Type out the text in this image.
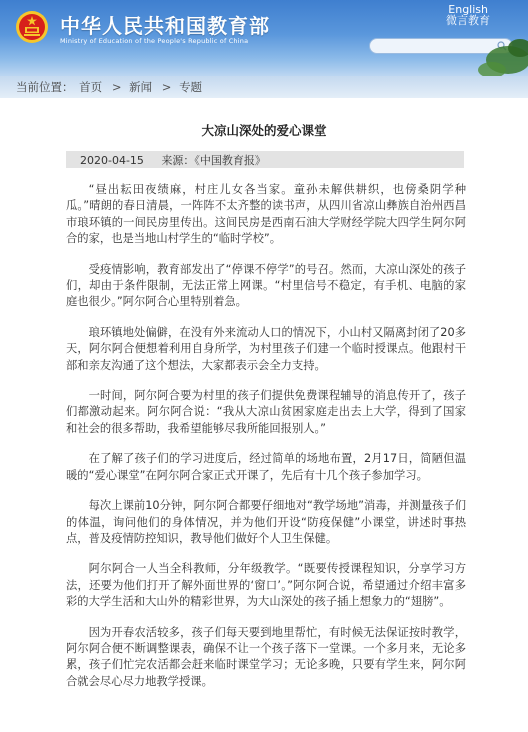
中华人民共和国教育部
Ministry of Education of the People's Republic of China
English
微言教育
当前位置： 首页 > 新闻 > 专题
大凉山深处的爱心课堂
2020-04-15 来源：《中国教育报》

“昼出耘田夜绩麻，村庄儿女各当家。童孙未解供耕织，也傍桑阴学种瓜。”晴朗的春日清晨，一阵阵不太齐整的读书声，从四川省凉山彝族自治州西昌市琅环镇的一间民房里传出。这间民房是西南石油大学财经学院大四学生阿尔阿合的家，也是当地山村学生的“临时学校”。

受疫情影响，教育部发出了“停课不停学”的号召。然而，大凉山深处的孩子们，却由于条件限制，无法正常上网课。“村里信号不稳定，有手机、电脑的家庭也很少。”阿尔阿合心里特别着急。

琅环镇地处偏僻，在没有外来流动人口的情况下，小山村又隔离封闭了20多天，阿尔阿合便想着利用自身所学，为村里孩子们建一个临时授课点。他跟村干部和亲友沟通了这个想法，大家都表示会全力支持。

一时间，阿尔阿合要为村里的孩子们提供免费课程辅导的消息传开了，孩子们都激动起来。阿尔阿合说：“我从大凉山贫困家庭走出去上大学，得到了国家和社会的很多帮助，我希望能够尽我所能回报别人。”

在了解了孩子们的学习进度后，经过简单的场地布置，2月17日，简陋但温暖的“爱心课堂”在阿尔阿合家正式开课了，先后有十几个孩子参加学习。

每次上课前10分钟，阿尔阿合都要仔细地对“教学场地”消毒，并测量孩子们的体温，询问他们的身体情况，并为他们开设“防疫保健”小课堂，讲述时事热点，普及疫情防控知识，教导他们做好个人卫生保健。

阿尔阿合一人当全科教师，分年级教学。“既要传授课程知识，分享学习方法，还要为他们打开了解外面世界的‘窗口’。”阿尔阿合说，希望通过介绍丰富多彩的大学生活和大山外的精彩世界，为大山深处的孩子插上想象力的“翅膀”。

因为开春农活较多，孩子们每天要到地里帮忙，有时候无法保证按时教学，阿尔阿合便不断调整课表，确保不让一个孩子落下一堂课。一个多月来，无论多累，孩子们忙完农活都会赶来临时课堂学习；无论多晚，只要有学生来，阿尔阿合就会尽心尽力地教学授课。
